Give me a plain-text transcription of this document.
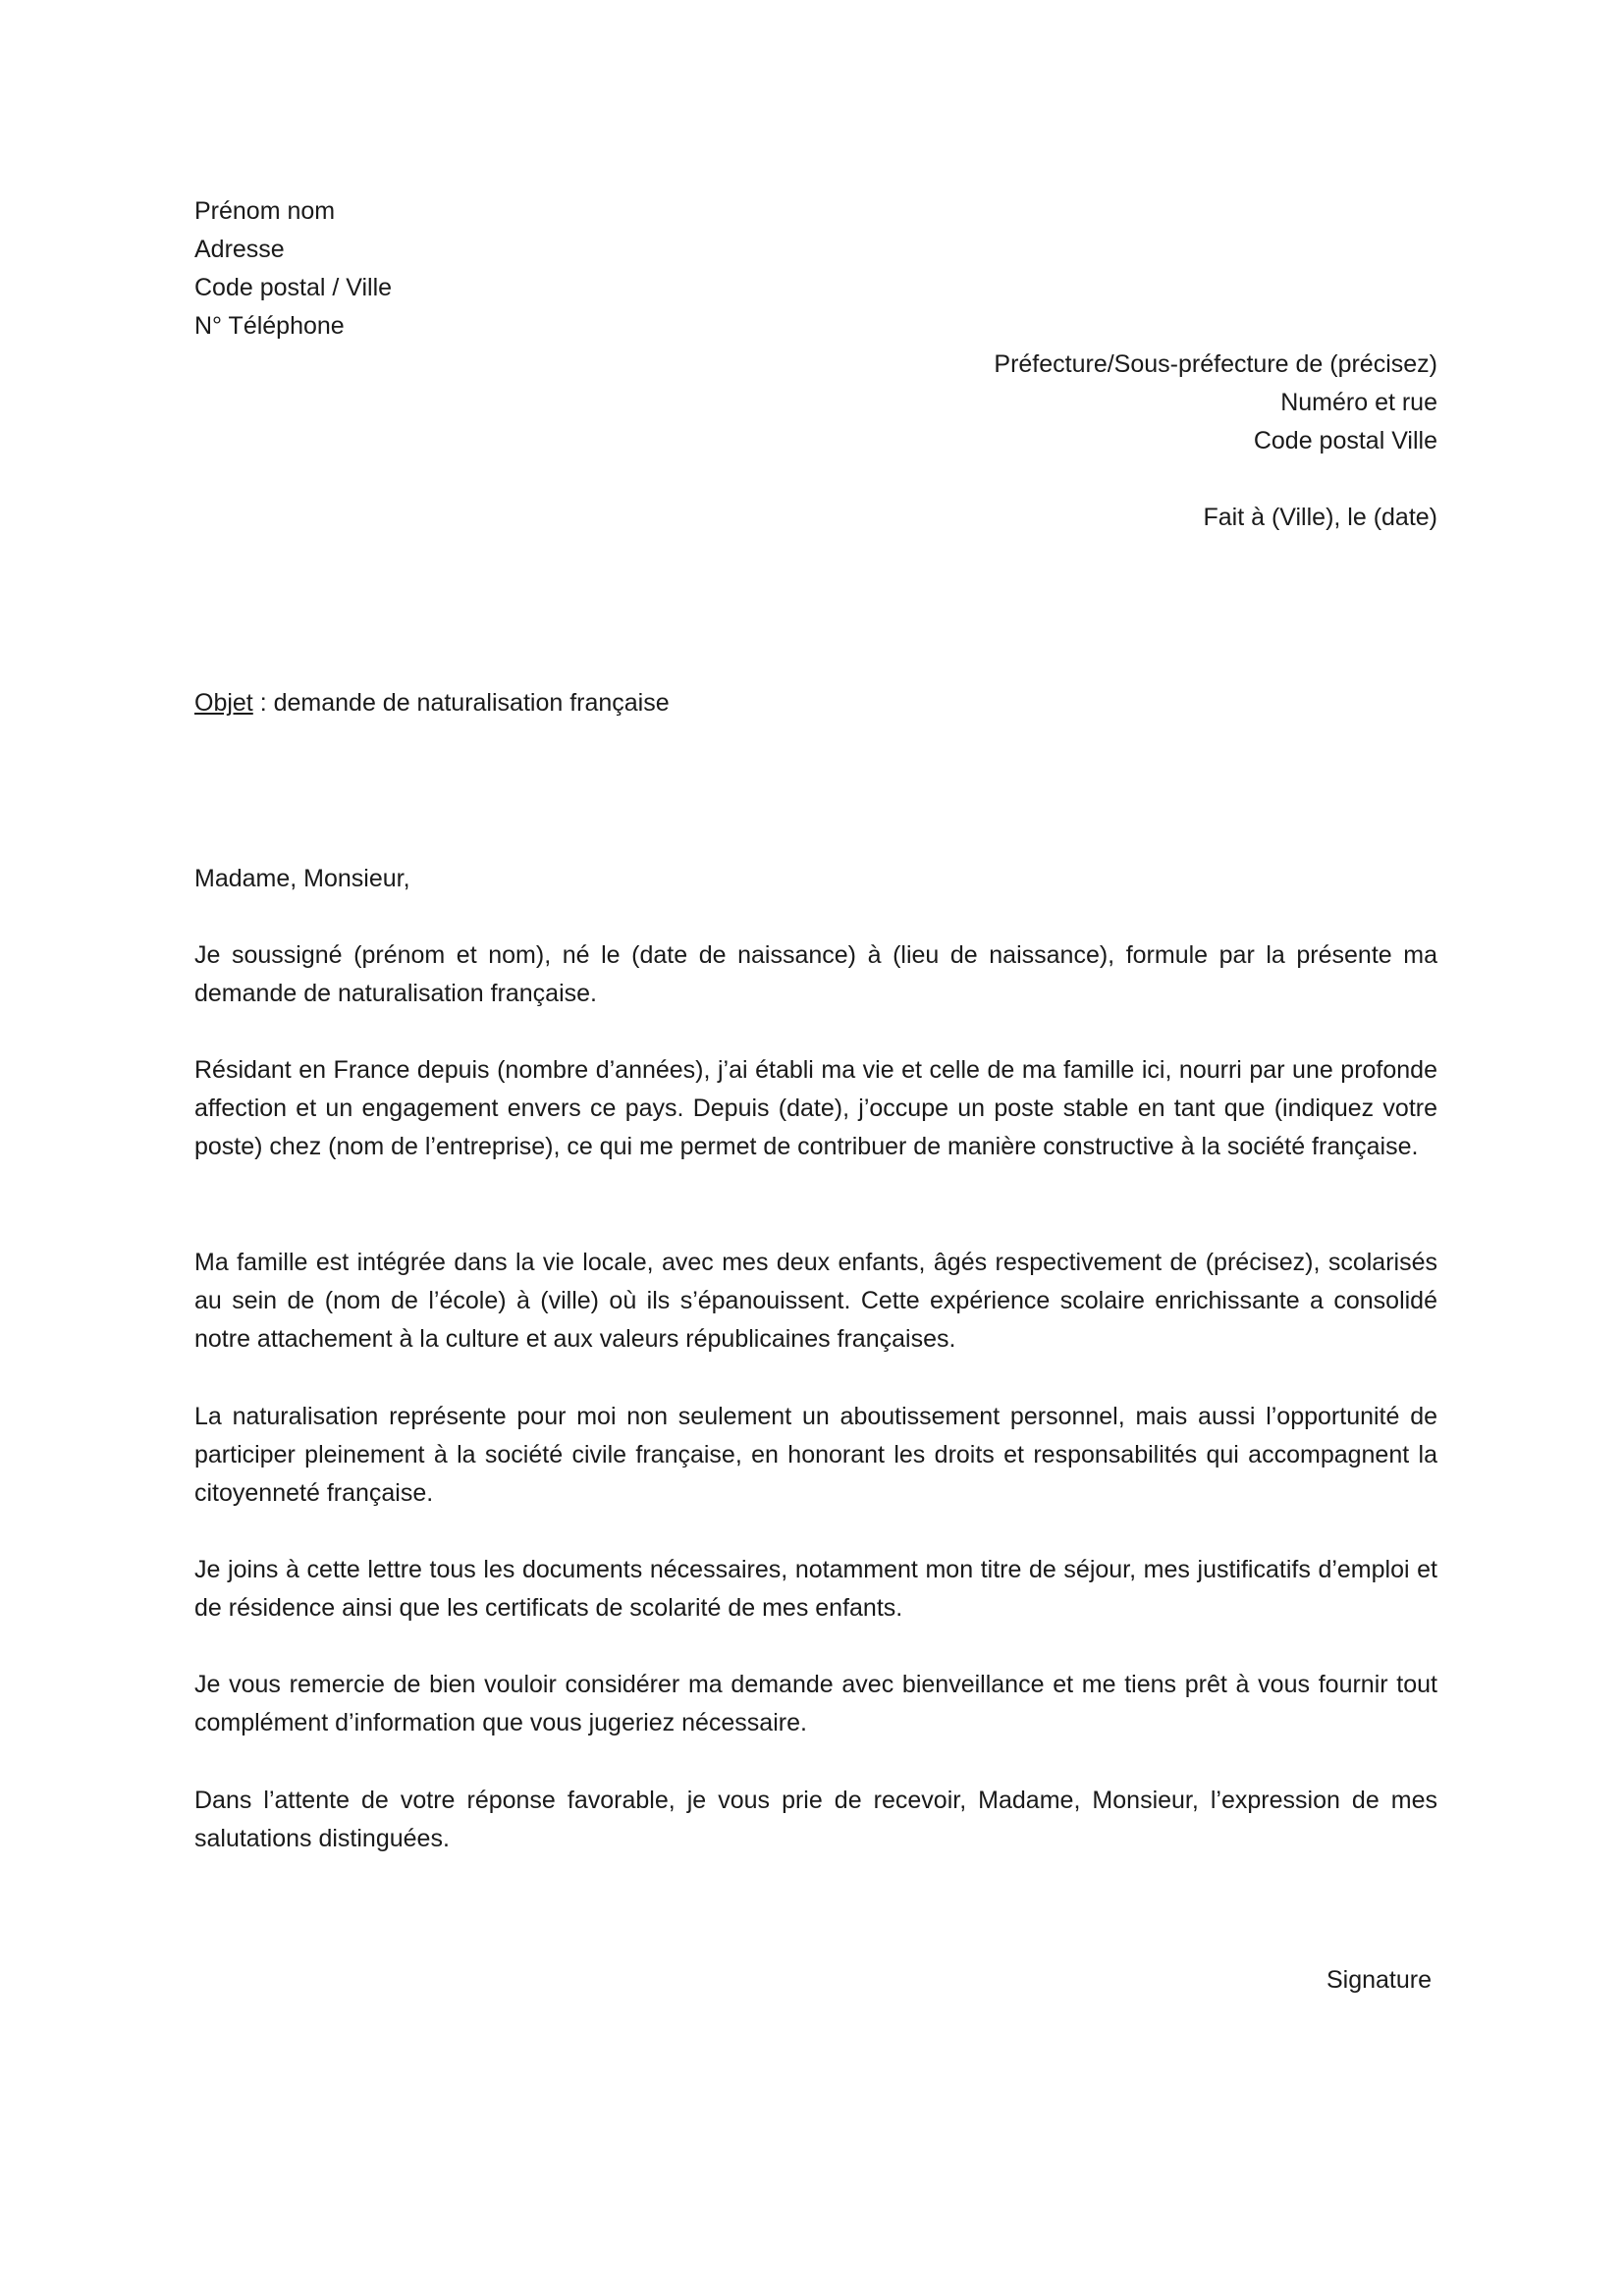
Prénom nom
Adresse
Code postal / Ville
N° Téléphone
Préfecture/Sous-préfecture de (précisez)
Numéro et rue
Code postal Ville
Fait à (Ville), le (date)
Objet : demande de naturalisation française
Madame, Monsieur,
Je soussigné (prénom et nom), né le (date de naissance) à (lieu de naissance), formule par la présente ma demande de naturalisation française.
Résidant en France depuis (nombre d’années), j’ai établi ma vie et celle de ma famille ici, nourri par une profonde affection et un engagement envers ce pays. Depuis (date), j’occupe un poste stable en tant que (indiquez votre poste) chez (nom de l’entreprise), ce qui me permet de contribuer de manière constructive à la société française.
Ma famille est intégrée dans la vie locale, avec mes deux enfants, âgés respectivement de (précisez), scolarisés au sein de (nom de l’école) à (ville) où ils s’épanouissent. Cette expérience scolaire enrichissante a consolidé notre attachement à la culture et aux valeurs républicaines françaises.
La naturalisation représente pour moi non seulement un aboutissement personnel, mais aussi l’opportunité de participer pleinement à la société civile française, en honorant les droits et responsabilités qui accompagnent la citoyenneté française.
Je joins à cette lettre tous les documents nécessaires, notamment mon titre de séjour, mes justificatifs d’emploi et de résidence ainsi que les certificats de scolarité de mes enfants.
Je vous remercie de bien vouloir considérer ma demande avec bienveillance et me tiens prêt à vous fournir tout complément d’information que vous jugeriez nécessaire.
Dans l’attente de votre réponse favorable, je vous prie de recevoir, Madame, Monsieur, l’expression de mes salutations distinguées.
Signature
